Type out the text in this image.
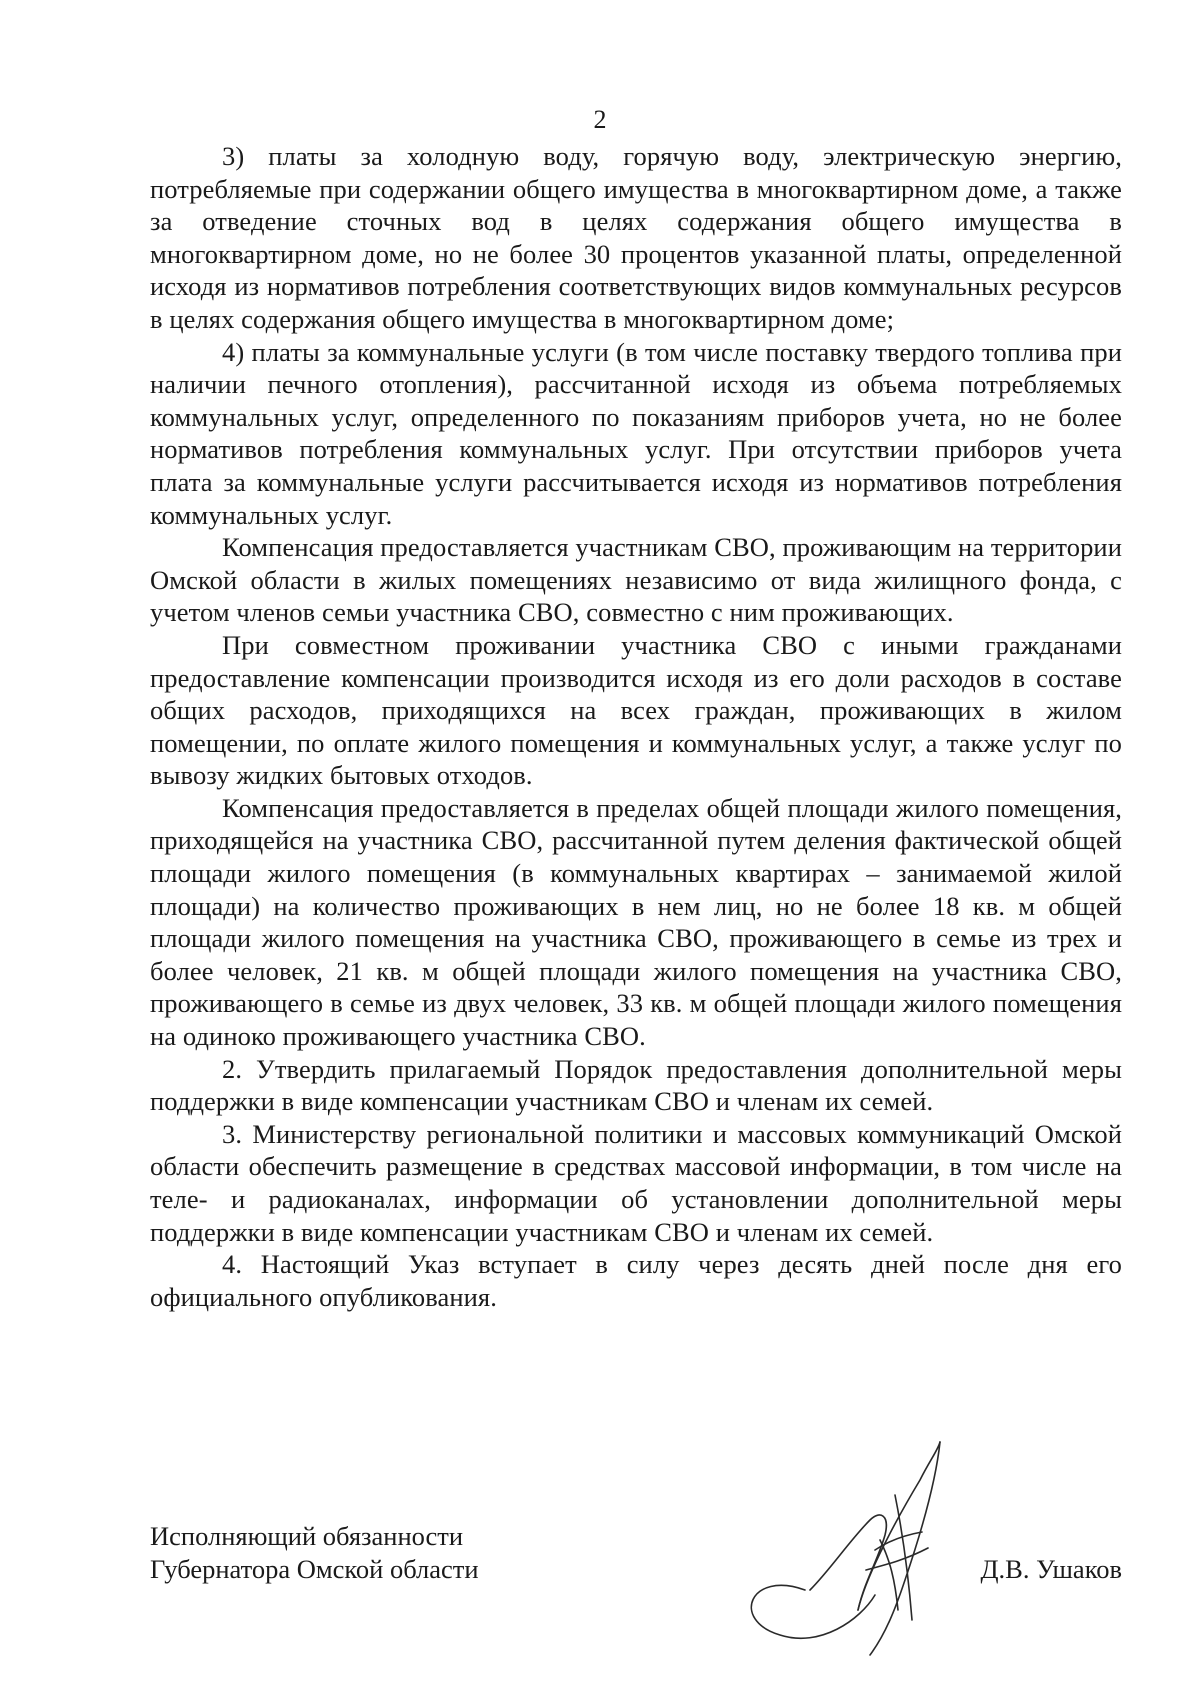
2

3) платы за холодную воду, горячую воду, электрическую энергию, потребляемые при содержании общего имущества в многоквартирном доме, а также за отведение сточных вод в целях содержания общего имущества в многоквартирном доме, но не более 30 процентов указанной платы, определенной исходя из нормативов потребления соответствующих видов коммунальных ресурсов в целях содержания общего имущества в многоквартирном доме;

4) платы за коммунальные услуги (в том числе поставку твердого топлива при наличии печного отопления), рассчитанной исходя из объема потребляемых коммунальных услуг, определенного по показаниям приборов учета, но не более нормативов потребления коммунальных услуг. При отсутствии приборов учета плата за коммунальные услуги рассчитывается исходя из нормативов потребления коммунальных услуг.

Компенсация предоставляется участникам СВО, проживающим на территории Омской области в жилых помещениях независимо от вида жилищного фонда, с учетом членов семьи участника СВО, совместно с ним проживающих.

При совместном проживании участника СВО с иными гражданами предоставление компенсации производится исходя из его доли расходов в составе общих расходов, приходящихся на всех граждан, проживающих в жилом помещении, по оплате жилого помещения и коммунальных услуг, а также услуг по вывозу жидких бытовых отходов.

Компенсация предоставляется в пределах общей площади жилого помещения, приходящейся на участника СВО, рассчитанной путем деления фактической общей площади жилого помещения (в коммунальных квартирах – занимаемой жилой площади) на количество проживающих в нем лиц, но не более 18 кв. м общей площади жилого помещения на участника СВО, проживающего в семье из трех и более человек, 21 кв. м общей площади жилого помещения на участника СВО, проживающего в семье из двух человек, 33 кв. м общей площади жилого помещения на одиноко проживающего участника СВО.

2. Утвердить прилагаемый Порядок предоставления дополнительной меры поддержки в виде компенсации участникам СВО и членам их семей.

3. Министерству региональной политики и массовых коммуникаций Омской области обеспечить размещение в средствах массовой информации, в том числе на теле- и радиоканалах, информации об установлении дополнительной меры поддержки в виде компенсации участникам СВО и членам их семей.

4. Настоящий Указ вступает в силу через десять дней после дня его официального опубликования.

Исполняющий обязанности
Губернатора Омской области	Д.В. Ушаков
